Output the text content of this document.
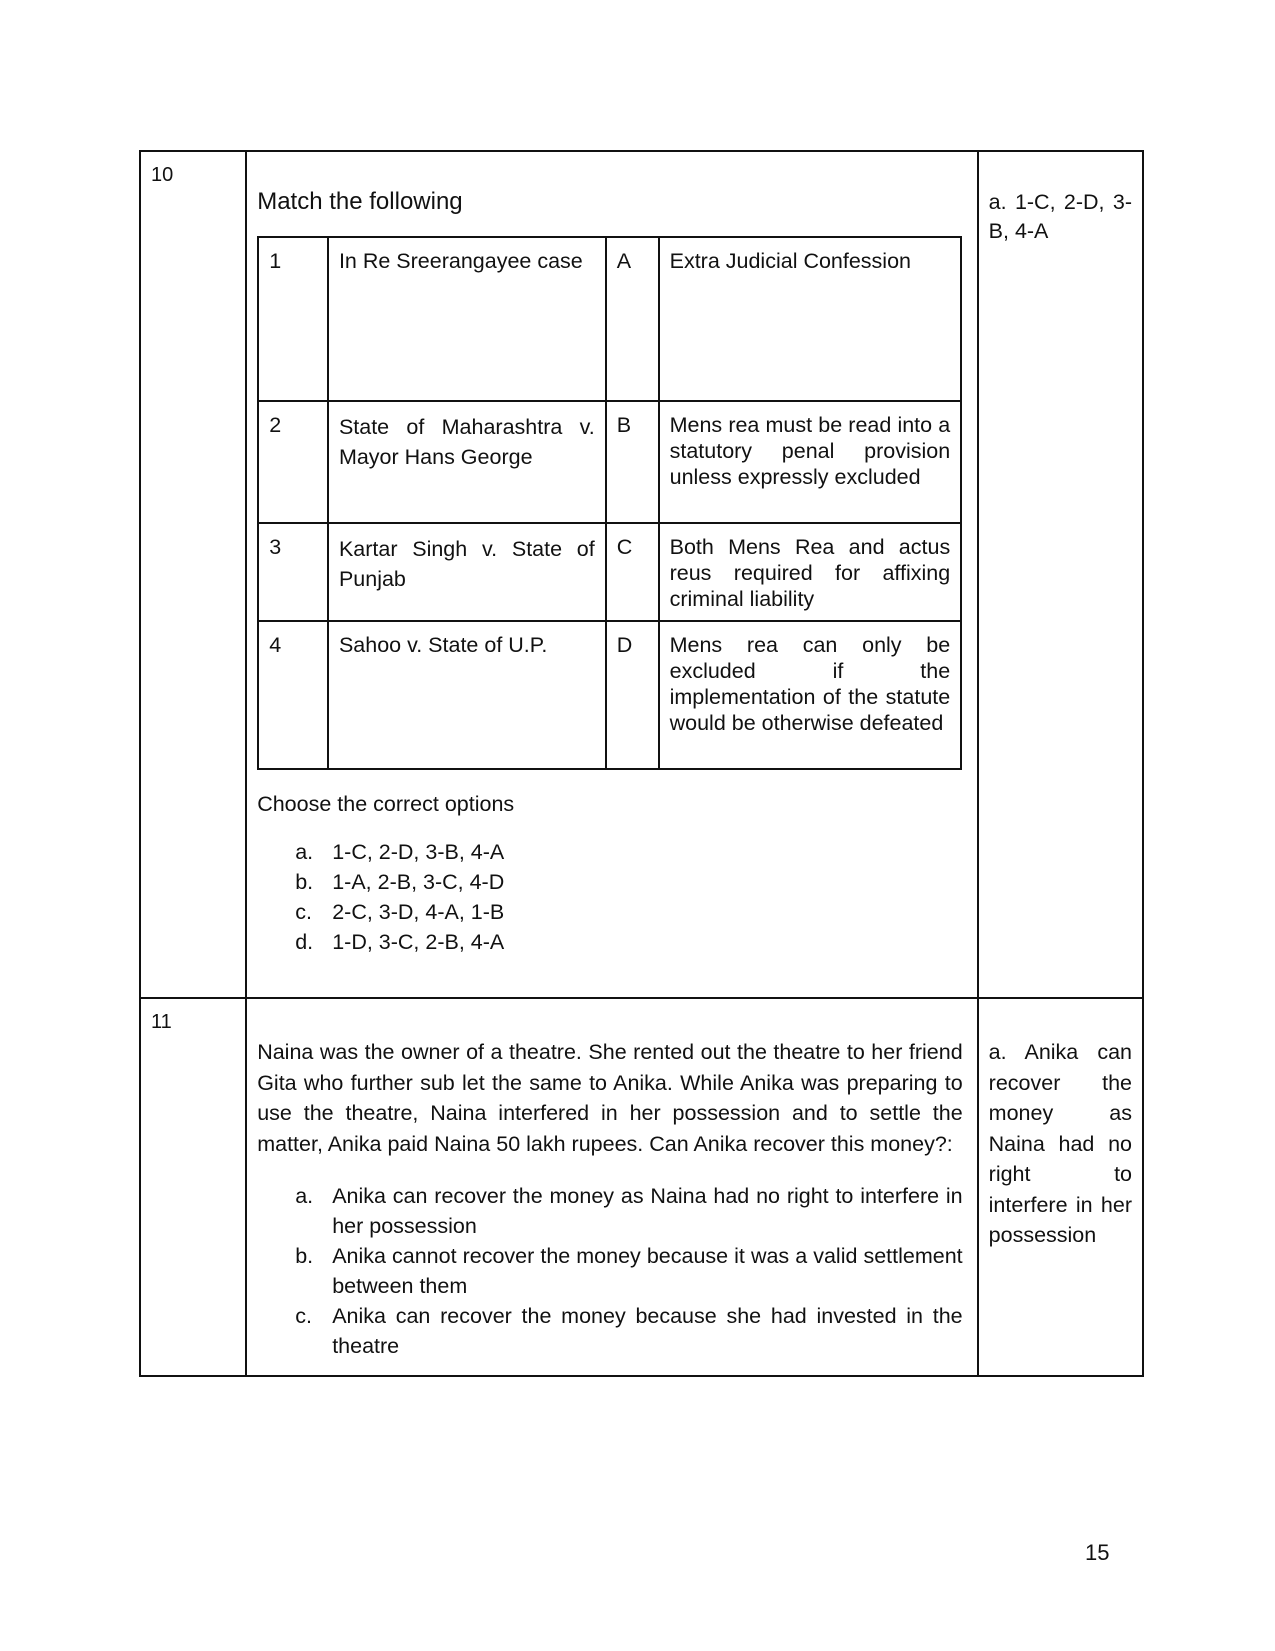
10

Match the following
1	In Re Sreerangayee case	A	Extra Judicial Confession
2	State of Maharashtra v. Mayor Hans George	B	Mens rea must be read into a statutory penal provision unless expressly excluded
3	Kartar Singh v. State of Punjab	C	Both Mens Rea and actus reus required for affixing criminal liability
4	Sahoo v. State of U.P.	D	Mens rea can only be excluded if the implementation of the statute would be otherwise defeated
Choose the correct options
a. 1-C, 2-D, 3-B, 4-A
b. 1-A, 2-B, 3-C, 4-D
c. 2-C, 3-D, 4-A, 1-B
d. 1-D, 3-C, 2-B, 4-A

a. 1-C, 2-D, 3-B, 4-A

11

Naina was the owner of a theatre. She rented out the theatre to her friend Gita who further sub let the same to Anika. While Anika was preparing to use the theatre, Naina interfered in her possession and to settle the matter, Anika paid Naina 50 lakh rupees. Can Anika recover this money?:
a. Anika can recover the money as Naina had no right to interfere in her possession
b. Anika cannot recover the money because it was a valid settlement between them
c. Anika can recover the money because she had invested in the theatre

a. Anika can recover the money as Naina had no right to interfere in her possession
15
